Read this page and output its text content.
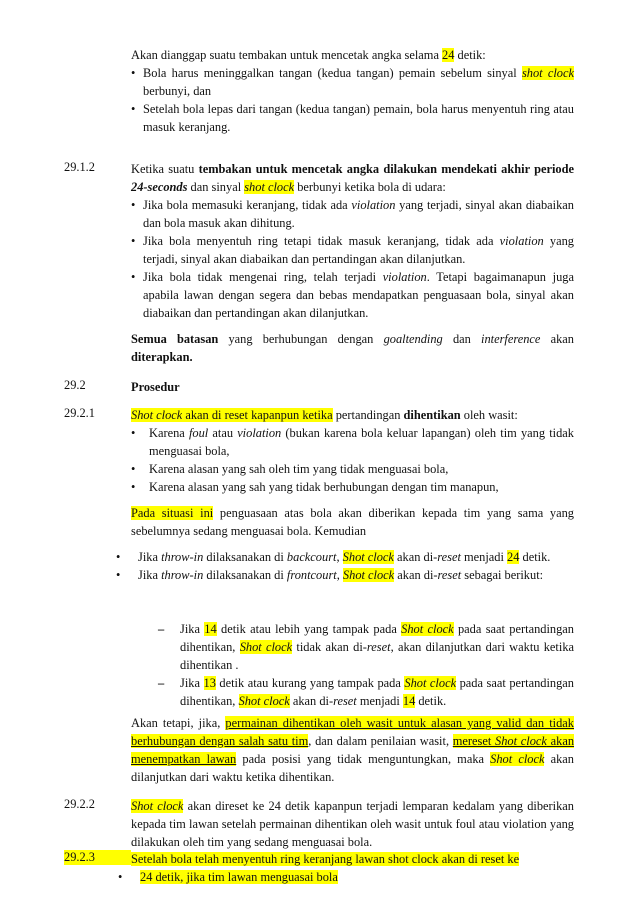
Akan dianggap suatu tembakan untuk mencetak angka selama 24 detik:

• Bola harus meninggalkan tangan (kedua tangan) pemain sebelum sinyal shot clock berbunyi, dan
• Setelah bola lepas dari tangan (kedua tangan) pemain, bola harus menyentuh ring atau masuk keranjang.
29.1.2	Ketika suatu tembakan untuk mencetak angka dilakukan mendekati akhir periode 24-seconds dan sinyal shot clock berbunyi ketika bola di udara:

• Jika bola memasuki keranjang, tidak ada violation yang terjadi, sinyal akan diabaikan dan bola masuk akan dihitung.
• Jika bola menyentuh ring tetapi tidak masuk keranjang, tidak ada violation yang terjadi, sinyal akan diabaikan dan pertandingan akan dilanjutkan.
• Jika bola tidak mengenai ring, telah terjadi violation. Tetapi bagaimanapun juga apabila lawan dengan segera dan bebas mendapatkan penguasaan bola, sinyal akan diabaikan dan pertandingan akan dilanjutkan.

Semua batasan yang berhubungan dengan goaltending dan interference akan diterapkan.

29.2	Prosedur
29.2.1	Shot clock akan di reset kapanpun ketika pertandingan dihentikan oleh wasit:

• Karena foul atau violation (bukan karena bola keluar lapangan) oleh tim yang tidak menguasai bola,
• Karena alasan yang sah oleh tim yang tidak menguasai bola,
• Karena alasan yang sah yang tidak berhubungan dengan tim manapun,

Pada situasi ini penguasaan atas bola akan diberikan kepada tim yang sama yang sebelumnya sedang menguasai bola. Kemudian

• Jika throw-in dilaksanakan di backcourt, Shot clock akan di-reset menjadi 24 detik.
• Jika throw-in dilaksanakan di frontcourt, Shot clock akan di-reset sebagai berikut:
– Jika 14 detik atau lebih yang tampak pada Shot clock pada saat pertandingan dihentikan, Shot clock tidak akan di-reset, akan dilanjutkan dari waktu ketika dihentikan .
– Jika 13 detik atau kurang yang tampak pada Shot clock pada saat pertandingan dihentikan, Shot clock akan di-reset menjadi 14 detik.

Akan tetapi, jika, permainan dihentikan oleh wasit untuk alasan yang valid dan tidak berhubungan dengan salah satu tim, dan dalam penilaian wasit, mereset Shot clock akan menempatkan lawan pada posisi yang tidak menguntungkan, maka Shot clock akan dilanjutkan dari waktu ketika dihentikan.

29.2.2	Shot clock akan direset ke 24 detik kapanpun terjadi lemparan kedalam yang diberikan kepada tim lawan setelah permainan dihentikan oleh wasit untuk foul atau violation yang dilakukan oleh tim yang sedang menguasai bola.

29.2.3	Setelah bola telah menyentuh ring keranjang lawan shot clock akan di reset ke

• 24 detik, jika tim lawan menguasai bola
